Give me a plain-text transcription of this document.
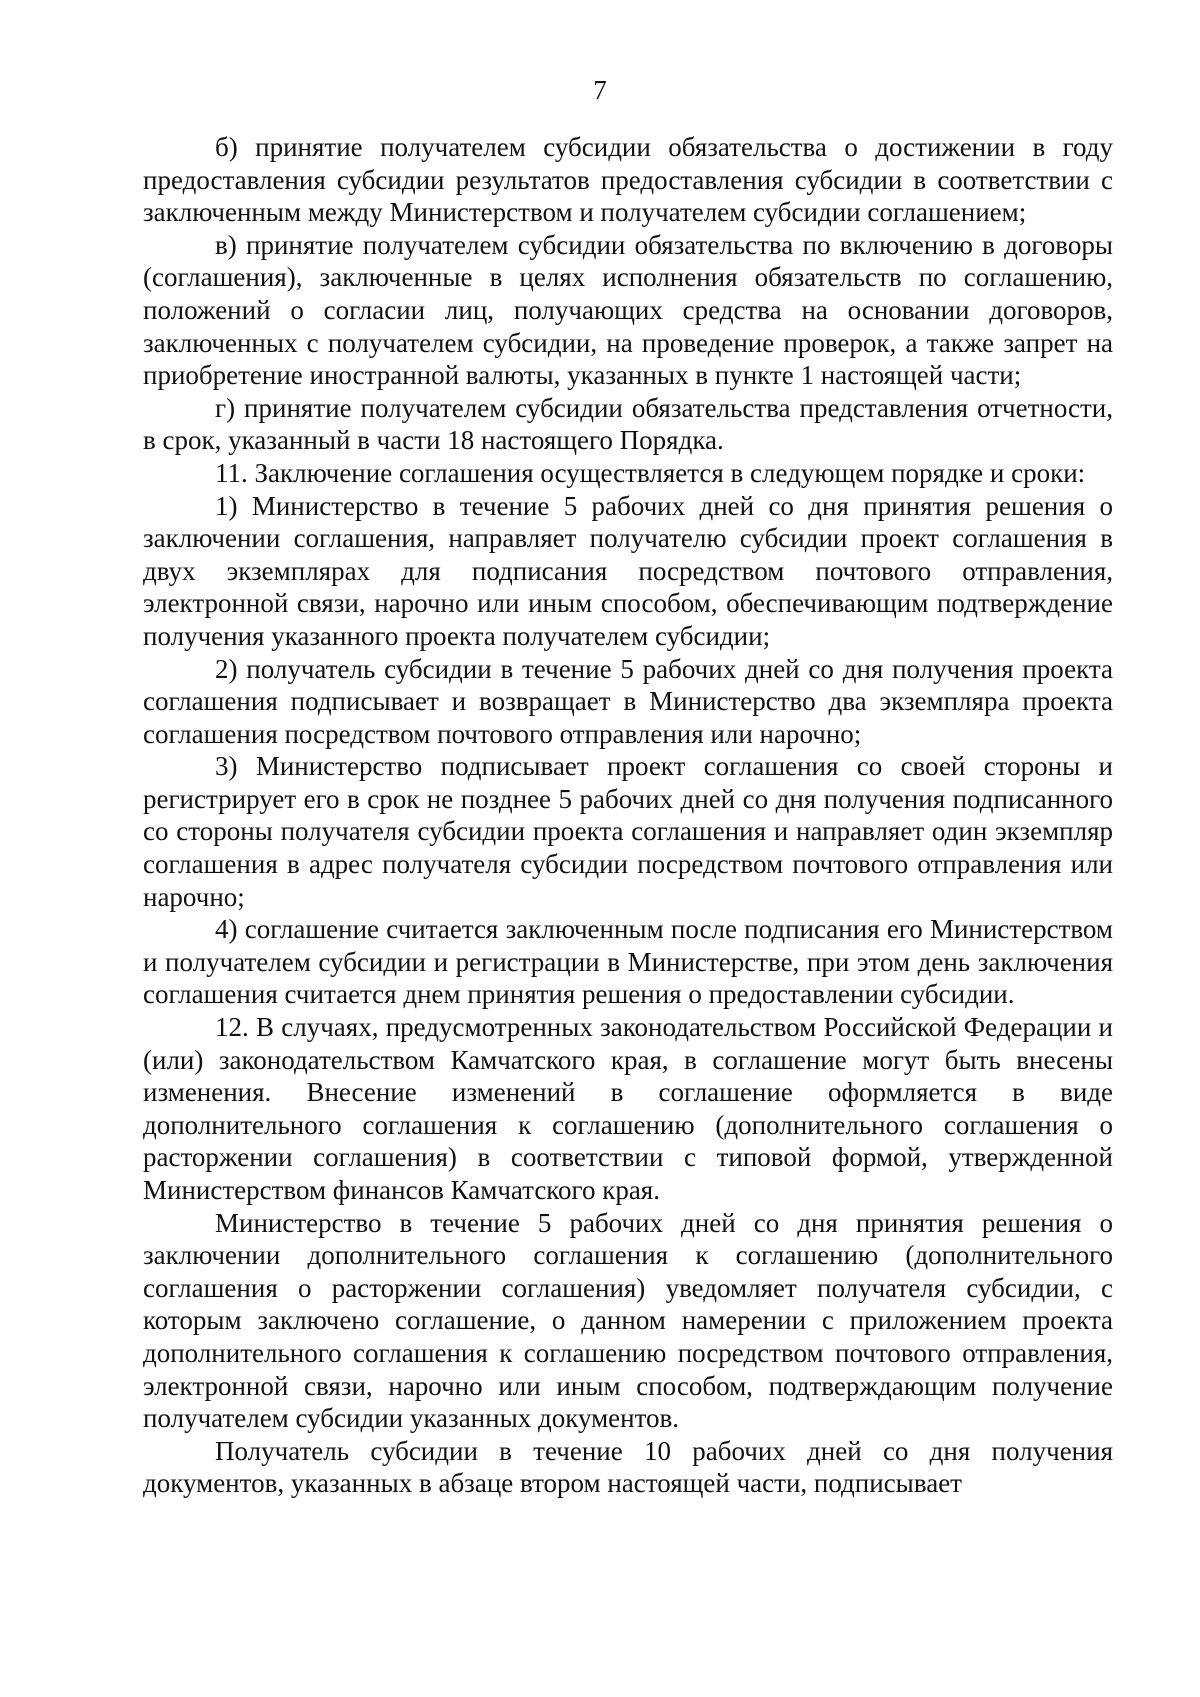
7

б) принятие получателем субсидии обязательства о достижении в году предоставления субсидии результатов предоставления субсидии в соответствии с заключенным между Министерством и получателем субсидии соглашением;

в) принятие получателем субсидии обязательства по включению в договоры (соглашения), заключенные в целях исполнения обязательств по соглашению, положений о согласии лиц, получающих средства на основании договоров, заключенных с получателем субсидии, на проведение проверок, а также запрет на приобретение иностранной валюты, указанных в пункте 1 настоящей части;

г) принятие получателем субсидии обязательства представления отчетности, в срок, указанный в части 18 настоящего Порядка.

11. Заключение соглашения осуществляется в следующем порядке и сроки:

1) Министерство в течение 5 рабочих дней со дня принятия решения о заключении соглашения, направляет получателю субсидии проект соглашения в двух экземплярах для подписания посредством почтового отправления, электронной связи, нарочно или иным способом, обеспечивающим подтверждение получения указанного проекта получателем субсидии;

2) получатель субсидии в течение 5 рабочих дней со дня получения проекта соглашения подписывает и возвращает в Министерство два экземпляра проекта соглашения посредством почтового отправления или нарочно;

3) Министерство подписывает проект соглашения со своей стороны и регистрирует его в срок не позднее 5 рабочих дней со дня получения подписанного со стороны получателя субсидии проекта соглашения и направляет один экземпляр соглашения в адрес получателя субсидии посредством почтового отправления или нарочно;

4) соглашение считается заключенным после подписания его Министерством и получателем субсидии и регистрации в Министерстве, при этом день заключения соглашения считается днем принятия решения о предоставлении субсидии.

12. В случаях, предусмотренных законодательством Российской Федерации и (или) законодательством Камчатского края, в соглашение могут быть внесены изменения. Внесение изменений в соглашение оформляется в виде дополнительного соглашения к соглашению (дополнительного соглашения о расторжении соглашения) в соответствии с типовой формой, утвержденной Министерством финансов Камчатского края.

Министерство в течение 5 рабочих дней со дня принятия решения о заключении дополнительного соглашения к соглашению (дополнительного соглашения о расторжении соглашения) уведомляет получателя субсидии, с которым заключено соглашение, о данном намерении с приложением проекта дополнительного соглашения к соглашению посредством почтового отправления, электронной связи, нарочно или иным способом, подтверждающим получение получателем субсидии указанных документов.

Получатель субсидии в течение 10 рабочих дней со дня получения документов, указанных в абзаце втором настоящей части, подписывает
